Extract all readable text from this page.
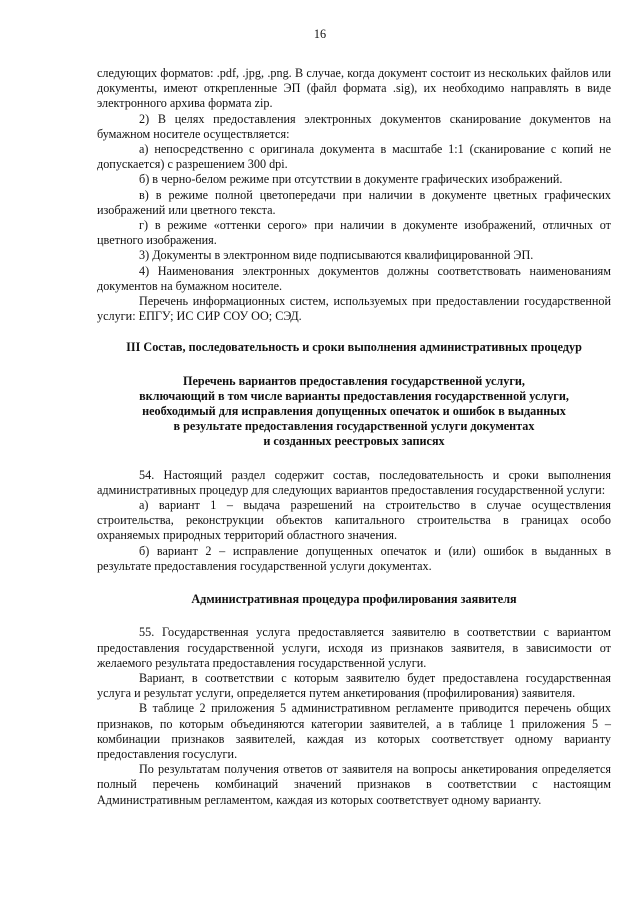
16

следующих форматов: .pdf, .jpg, .png. В случае, когда документ состоит из нескольких файлов или документы, имеют открепленные ЭП (файл формата .sig), их необходимо направлять в виде электронного архива формата zip.

2) В целях предоставления электронных документов сканирование документов на бумажном носителе осуществляется:

а) непосредственно с оригинала документа в масштабе 1:1 (сканирование с копий не допускается) с разрешением 300 dpi.

б) в черно-белом режиме при отсутствии в документе графических изображений.

в) в режиме полной цветопередачи при наличии в документе цветных графических изображений или цветного текста.

г) в режиме «оттенки серого» при наличии в документе изображений, отличных от цветного изображения.

3) Документы в электронном виде подписываются квалифицированной ЭП.

4) Наименования электронных документов должны соответствовать наименованиям документов на бумажном носителе.

Перечень информационных систем, используемых при предоставлении государственной услуги: ЕПГУ; ИС СИР СОУ ОО; СЭД.

III Состав, последовательность и сроки выполнения административных процедур
Перечень вариантов предоставления государственной услуги,
включающий в том числе варианты предоставления государственной услуги,
необходимый для исправления допущенных опечаток и ошибок в выданных
в результате предоставления государственной услуги документах
и созданных реестровых записях

54. Настоящий раздел содержит состав, последовательность и сроки выполнения административных процедур для следующих вариантов предоставления государственной услуги:

а) вариант 1 – выдача разрешений на строительство в случае осуществления строительства, реконструкции объектов капитального строительства в границах особо охраняемых природных территорий областного значения.

б) вариант 2 – исправление допущенных опечаток и (или) ошибок в выданных в результате предоставления государственной услуги документах.

Административная процедура профилирования заявителя

55. Государственная услуга предоставляется заявителю в соответствии с вариантом предоставления государственной услуги, исходя из признаков заявителя, в зависимости от желаемого результата предоставления государственной услуги.

Вариант, в соответствии с которым заявителю будет предоставлена государственная услуга и результат услуги, определяется путем анкетирования (профилирования) заявителя.

В таблице 2 приложения 5 административном регламенте приводится перечень общих признаков, по которым объединяются категории заявителей, а в таблице 1 приложения 5 – комбинации признаков заявителей, каждая из которых соответствует одному варианту предоставления госуслуги.

По результатам получения ответов от заявителя на вопросы анкетирования определяется полный перечень комбинаций значений признаков в соответствии с настоящим Административным регламентом, каждая из которых соответствует одному варианту.
